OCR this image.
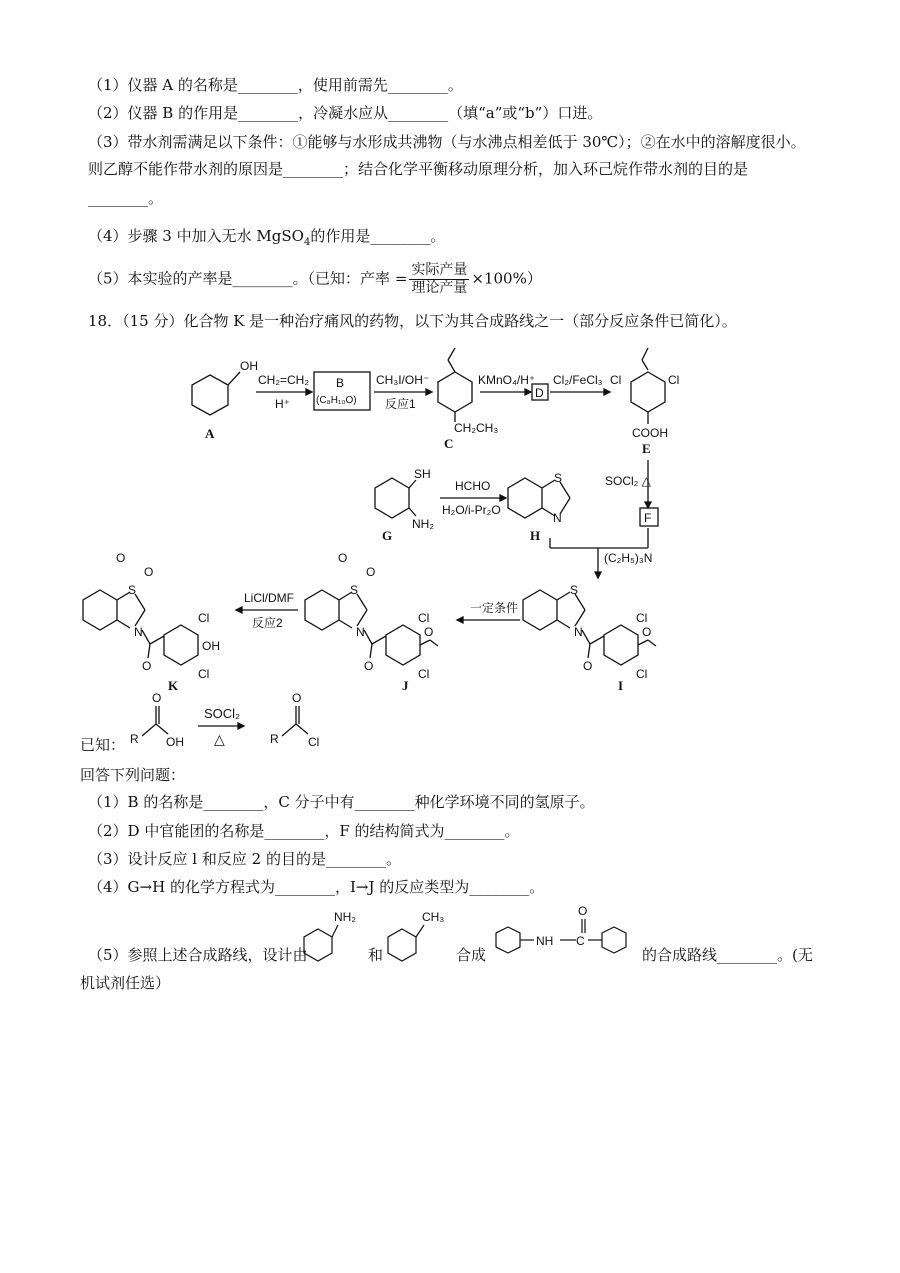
（1）仪器 A 的名称是________，使用前需先________。
（2）仪器 B 的作用是________，冷凝水应从________（填“a”或“b”）口进。
（3）带水剂需满足以下条件：①能够与水形成共沸物（与水沸点相差低于 30℃）；②在水中的溶解度很小。
则乙醇不能作带水剂的原因是________；结合化学平衡移动原理分析，加入环己烷作带水剂的目的是
________。
（4）步骤 3 中加入无水 MgSO$_4$的作用是________。
（5）本实验的产率是________。（已知：产率 = $\frac{\text{实际产量}}{\text{理论产量}} \times 100\%$）
18．（15 分）化合物 K 是一种治疗痛风的药物，以下为其合成路线之一（部分反应条件已简化）。
OH
A
CH₂=CH₂
H⁺
B
(C₈H₁₀O)
CH₃I/OH⁻
反应1
CH₂CH₃
C
KMnO₄/H⁺
D
Cl₂/FeCl₃ Cl	Cl
COOH
E
SH
NH₂
G
HCHO
H₂O/i-Pr₂O
S
N
H
SOCl₂ △
F
(C₂H₅)₃N
S
N
O
Cl
Cl
O
I
一定条件
S
O
O
N
O
Cl
Cl
O
J
LiCl/DMF
反应2
S
O
O
N
O
Cl
Cl
OH
K
已知： R
O
OH
SOCl₂
△	R
O
Cl
回答下列问题：
（1）B 的名称是________，C 分子中有________种化学环境不同的氢原子。
（2）D 中官能团的名称是________，F 的结构简式为________。
（3）设计反应 l 和反应 2 的目的是________。
（4）G→H 的化学方程式为________，I→J 的反应类型为________。
（5）参照上述合成路线，设计由
NH₂
和
CH₃
合成
NH C
O
的合成路线________。(无
机试剂任选）
